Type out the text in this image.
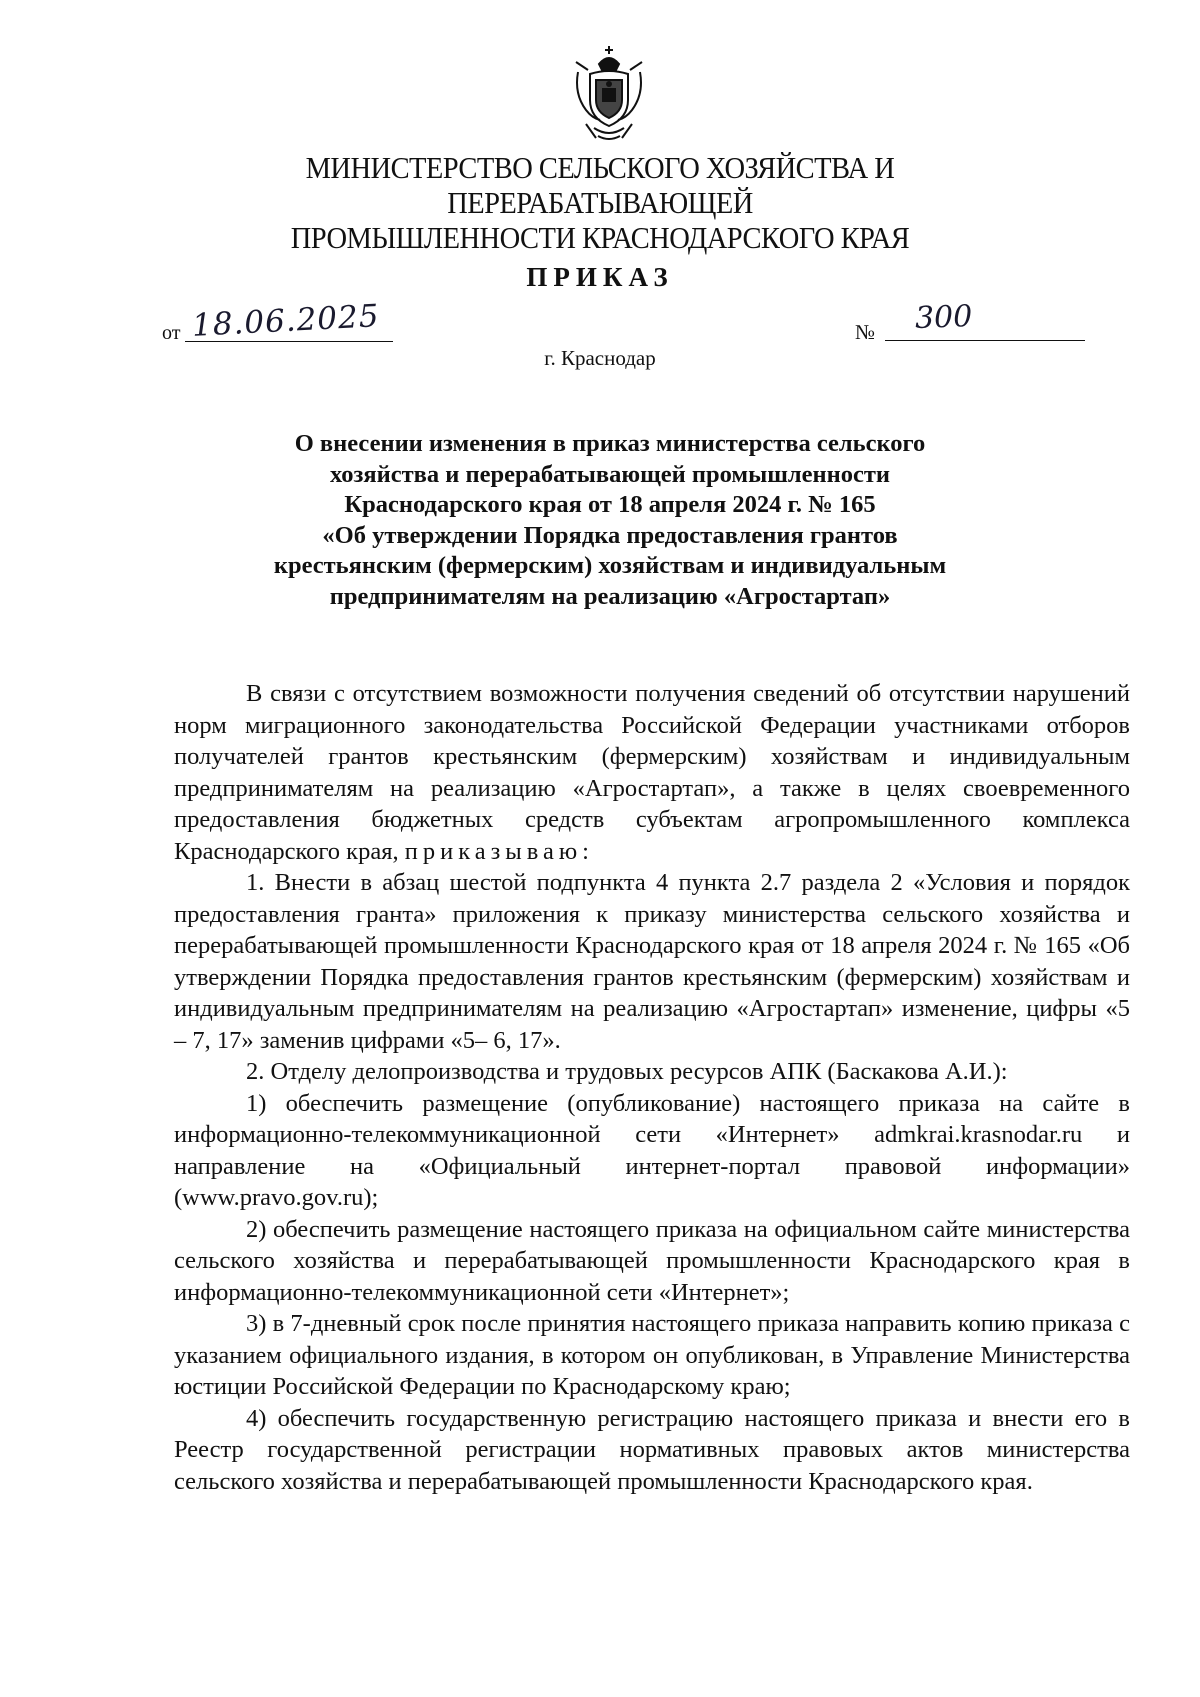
МИНИСТЕРСТВО СЕЛЬСКОГО ХОЗЯЙСТВА И ПЕРЕРАБАТЫВАЮЩЕЙ
ПРОМЫШЛЕННОСТИ КРАСНОДАРСКОГО КРАЯ
ПРИКАЗ
от 18.06.2025	№ 300
г. Краснодар
О внесении изменения в приказ министерства сельского
хозяйства и перерабатывающей промышленности
Краснодарского края от 18 апреля 2024 г. № 165
«Об утверждении Порядка предоставления грантов
крестьянским (фермерским) хозяйствам и индивидуальным
предпринимателям на реализацию «Агростартап»

В связи с отсутствием возможности получения сведений об отсутствии нарушений норм миграционного законодательства Российской Федерации участниками отборов получателей грантов крестьянским (фермерским) хозяйствам и индивидуальным предпринимателям на реализацию «Агростартап», а также в целях своевременного предоставления бюджетных средств субъектам агропромышленного комплекса Краснодарского края, приказываю:

1. Внести в абзац шестой подпункта 4 пункта 2.7 раздела 2 «Условия и порядок предоставления гранта» приложения к приказу министерства сельского хозяйства и перерабатывающей промышленности Краснодарского края от 18 апреля 2024 г. № 165 «Об утверждении Порядка предоставления грантов крестьянским (фермерским) хозяйствам и индивидуальным предпринимателям на реализацию «Агростартап» изменение, цифры «5 – 7, 17» заменив цифрами «5– 6, 17».

2. Отделу делопроизводства и трудовых ресурсов АПК (Баскакова А.И.):

1) обеспечить размещение (опубликование) настоящего приказа на сайте в информационно-телекоммуникационной сети «Интернет» admkrai.krasnodar.ru и направление на «Официальный интернет-портал правовой информации» (www.pravo.gov.ru);

2) обеспечить размещение настоящего приказа на официальном сайте министерства сельского хозяйства и перерабатывающей промышленности Краснодарского края в информационно-телекоммуникационной сети «Интернет»;

3) в 7-дневный срок после принятия настоящего приказа направить копию приказа с указанием официального издания, в котором он опубликован, в Управление Министерства юстиции Российской Федерации по Краснодарскому краю;

4) обеспечить государственную регистрацию настоящего приказа и внести его в Реестр государственной регистрации нормативных правовых актов министерства сельского хозяйства и перерабатывающей промышленности Краснодарского края.
